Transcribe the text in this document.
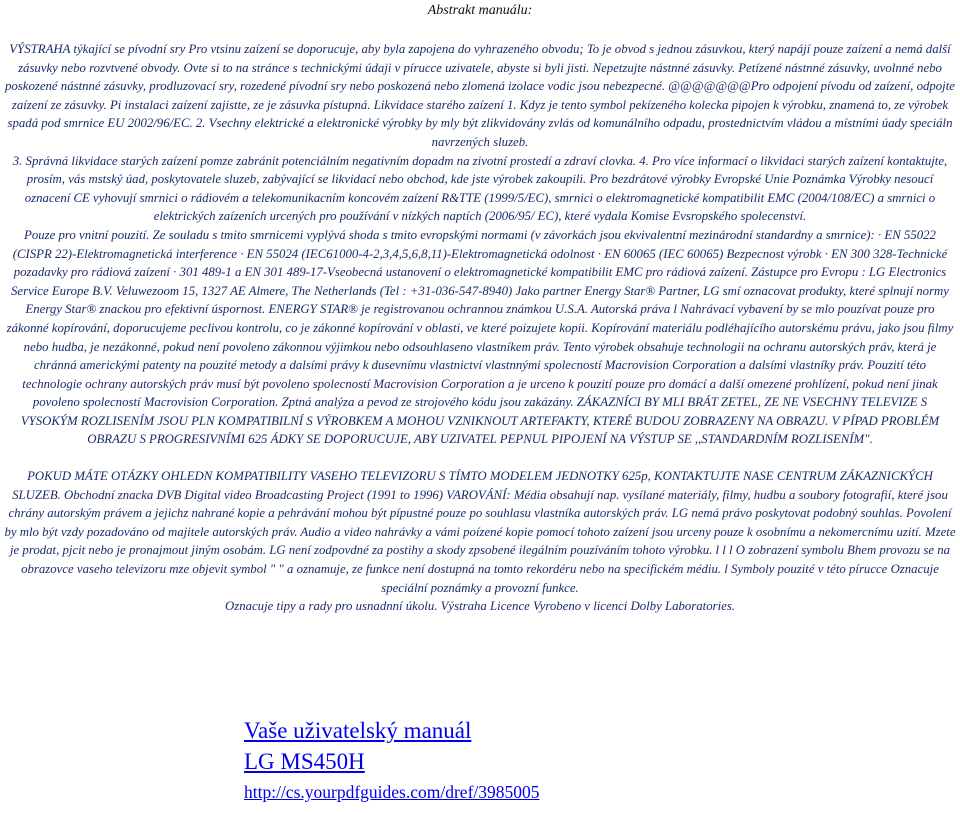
Abstrakt manuálu:

VÝSTRAHA týkající se pívodní sry Pro vtsinu zaízení se doporucuje, aby byla zapojena do vyhrazeného obvodu; To je obvod s jednou zásuvkou, který napájí pouze zaízení a nemá další zásuvky nebo rozvtvené obvody. Ovte si to na stránce s technickými údaji v pírucce uzivatele, abyste si byli jisti. Nepetzujte nástnné zásuvky. Petízené nástnné zásuvky, uvolnné nebo poskozené nástnné zásuvky, prodluzovací sry, rozedené pívodní sry nebo poskozená nebo zlomená izolace vodic jsou nebezpecné. @@@@@@@Pro odpojení pívodu od zaízení, odpojte zaízení ze zásuvky. Pi instalaci zaízení zajistte, ze je zásuvka pístupná. Likvidace starého zaízení 1. Kdyz je tento symbol pekízeného kolecka pipojen k výrobku, znamená to, ze výrobek spadá pod smrnice EU 2002/96/EC. 2. Vsechny elektrické a elektronické výrobky by mly být zlikvidovány zvlás od komunálního odpadu, prostednictvím vládou a místními úady speciáln navrzených sluzeb.

3. Správná likvidace starých zaízení pomze zabránit potenciálním negativním dopadm na zivotní prostedí a zdraví clovka. 4. Pro více informací o likvidaci starých zaízení kontaktujte, prosím, vás mstský úad, poskytovatele sluzeb, zabývající se likvidací nebo obchod, kde jste výrobek zakoupili. Pro bezdrátové výrobky Evropské Unie Poznámka Výrobky nesoucí oznacení CE vyhovují smrnici o rádiovém a telekomunikacním koncovém zaízení R&TTE (1999/5/EC), smrnici o elektromagnetické kompatibilit EMC (2004/108/EC) a smrnici o elektrických zaízeních urcených pro používání v nízkých naptích (2006/95/ EC), které vydala Komise Evsropského spolecenství.

Pouze pro vnitní pouzití. Ze souladu s tmito smrnicemi vyplývá shoda s tmito evropskými normami (v závorkách jsou ekvivalentní mezinárodní standardny a smrnice): · EN 55022 (CISPR 22)-Elektromagnetická interference · EN 55024 (IEC61000-4-2,3,4,5,6,8,11)-Elektromagnetická odolnost · EN 60065 (IEC 60065) Bezpecnost výrobk · EN 300 328-Technické pozadavky pro rádiová zaízení · 301 489-1 a EN 301 489-17-Vseobecná ustanovení o elektromagnetické kompatibilit EMC pro rádiová zaízení. Zástupce pro Evropu : LG Electronics Service Europe B.V. Veluwezoom 15, 1327 AE Almere, The Netherlands (Tel : +31-036-547-8940) Jako partner Energy Star® Partner, LG smí oznacovat produkty, které splnují normy Energy Star® znackou pro efektivní úspornost. ENERGY STAR® je registrovanou ochrannou známkou U.S.A. Autorská práva l Nahrávací vybavení by se mlo pouzívat pouze pro zákonné kopírování, doporucujeme peclivou kontrolu, co je zákonné kopírování v oblasti, ve které poizujete kopii. Kopírování materiálu podléhajícího autorskému právu, jako jsou filmy nebo hudba, je nezákonné, pokud není povoleno zákonnou výjimkou nebo odsouhlaseno vlastníkem práv. Tento výrobek obsahuje technologii na ochranu autorských práv, která je chránná americkými patenty na pouzité metody a dalsími právy k dusevnímu vlastnictví vlastnnými spolecností Macrovision Corporation a dalsími vlastníky práv. Pouzití této technologie ochrany autorských práv musí být povoleno spolecností Macrovision Corporation a je urceno k pouzití pouze pro domácí a další omezené prohlízení, pokud není jinak povoleno spolecností Macrovision Corporation. Zptná analýza a pevod ze strojového kódu jsou zakázány. ZÁKAZNÍCI BY MLI BRÁT ZETEL, ZE NE VSECHNY TELEVIZE S VYSOKÝM ROZLISENÍM JSOU PLN KOMPATIBILNÍ S VÝROBKEM A MOHOU VZNIKNOUT ARTEFAKTY, KTERÉ BUDOU ZOBRAZENY NA OBRAZU. V PÍPAD PROBLÉM OBRAZU S PROGRESIVNÍMI 625 ÁDKY SE DOPORUCUJE, ABY UZIVATEL PEPNUL PIPOJENÍ NA VÝSTUP SE ,,STANDARDNÍM ROZLISENÍM".

POKUD MÁTE OTÁZKY OHLEDN KOMPATIBILITY VASEHO TELEVIZORU S TÍMTO MODELEM JEDNOTKY 625p, KONTAKTUJTE NASE CENTRUM ZÁKAZNICKÝCH SLUZEB. Obchodní znacka DVB Digital video Broadcasting Project (1991 to 1996) VAROVÁNÍ: Média obsahují nap. vysílané materiály, filmy, hudbu a soubory fotografií, které jsou chrány autorským právem a jejichz nahrané kopie a pehrávání mohou být pípustné pouze po souhlasu vlastníka autorských práv. LG nemá právo poskytovat podobný souhlas. Povolení by mlo být vzdy pozadováno od majitele autorských práv. Audio a video nahrávky a vámi poízené kopie pomocí tohoto zaízení jsou urceny pouze k osobnímu a nekomercnímu uzití. Mzete je prodat, pjcit nebo je pronajmout jiným osobám. LG není zodpovdné za postihy a skody zpsobené ilegálním pouzíváním tohoto výrobku. l l l O zobrazení symbolu Bhem provozu se na obrazovce vaseho televizoru mze objevit symbol " " a oznamuje, ze funkce není dostupná na tomto rekordéru nebo na specifickém médiu. l Symboly pouzité v této pírucce Oznacuje speciální poznámky a provozní funkce.

Oznacuje tipy a rady pro usnadnní úkolu. Výstraha Licence Vyrobeno v licenci Dolby Laboratories.

Vaše uživatelský manuál
LG MS450H
http://cs.yourpdfguides.com/dref/3985005
